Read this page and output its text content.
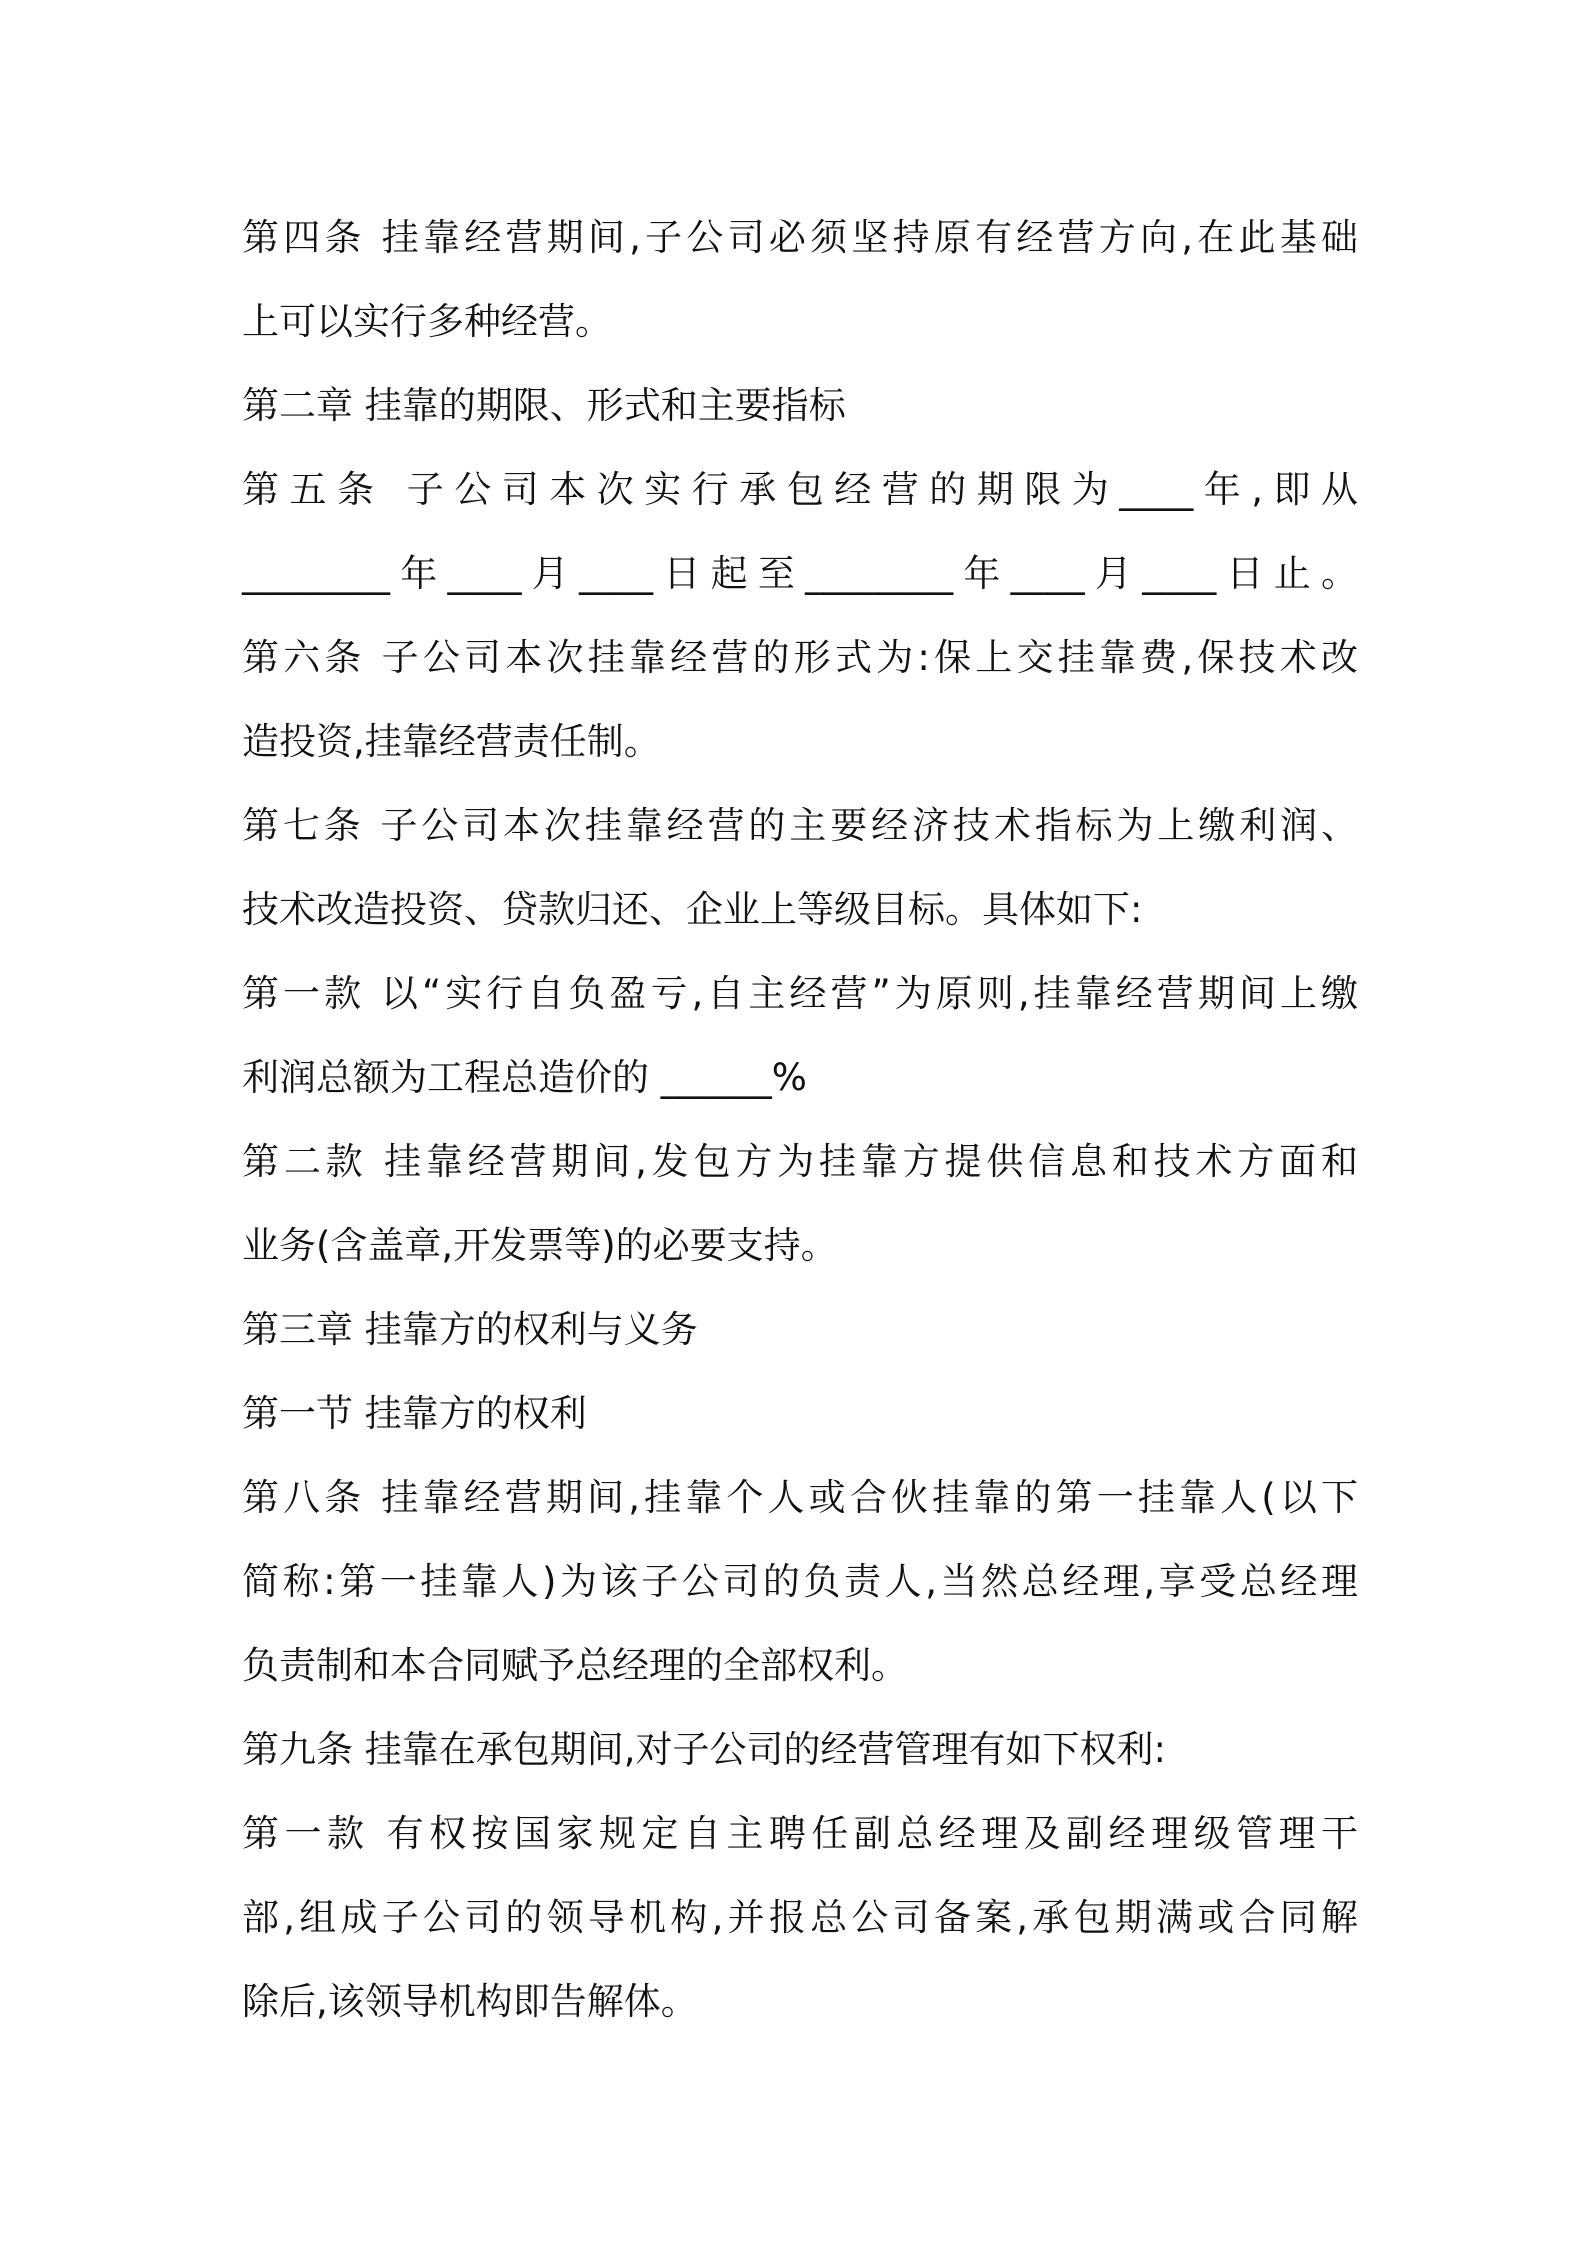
第四条 挂靠经营期间,子公司必须坚持原有经营方向,在此基础
上可以实行多种经营。
第二章 挂靠的期限、形式和主要指标
第五条 子公司本次实行承包经营的期限为____年,即从
________年____月____日起至________年____月____日止。
第六条 子公司本次挂靠经营的形式为:保上交挂靠费,保技术改
造投资,挂靠经营责任制。
第七条 子公司本次挂靠经营的主要经济技术指标为上缴利润、
技术改造投资、贷款归还、企业上等级目标。具体如下:
第一款 以“实行自负盈亏,自主经营”为原则,挂靠经营期间上缴
利润总额为工程总造价的 ______%
第二款 挂靠经营期间,发包方为挂靠方提供信息和技术方面和
业务(含盖章,开发票等)的必要支持。
第三章 挂靠方的权利与义务
第一节 挂靠方的权利
第八条 挂靠经营期间,挂靠个人或合伙挂靠的第一挂靠人(以下
简称:第一挂靠人)为该子公司的负责人,当然总经理,享受总经理
负责制和本合同赋予总经理的全部权利。
第九条 挂靠在承包期间,对子公司的经营管理有如下权利:
第一款 有权按国家规定自主聘任副总经理及副经理级管理干
部,组成子公司的领导机构,并报总公司备案,承包期满或合同解
除后,该领导机构即告解体。
